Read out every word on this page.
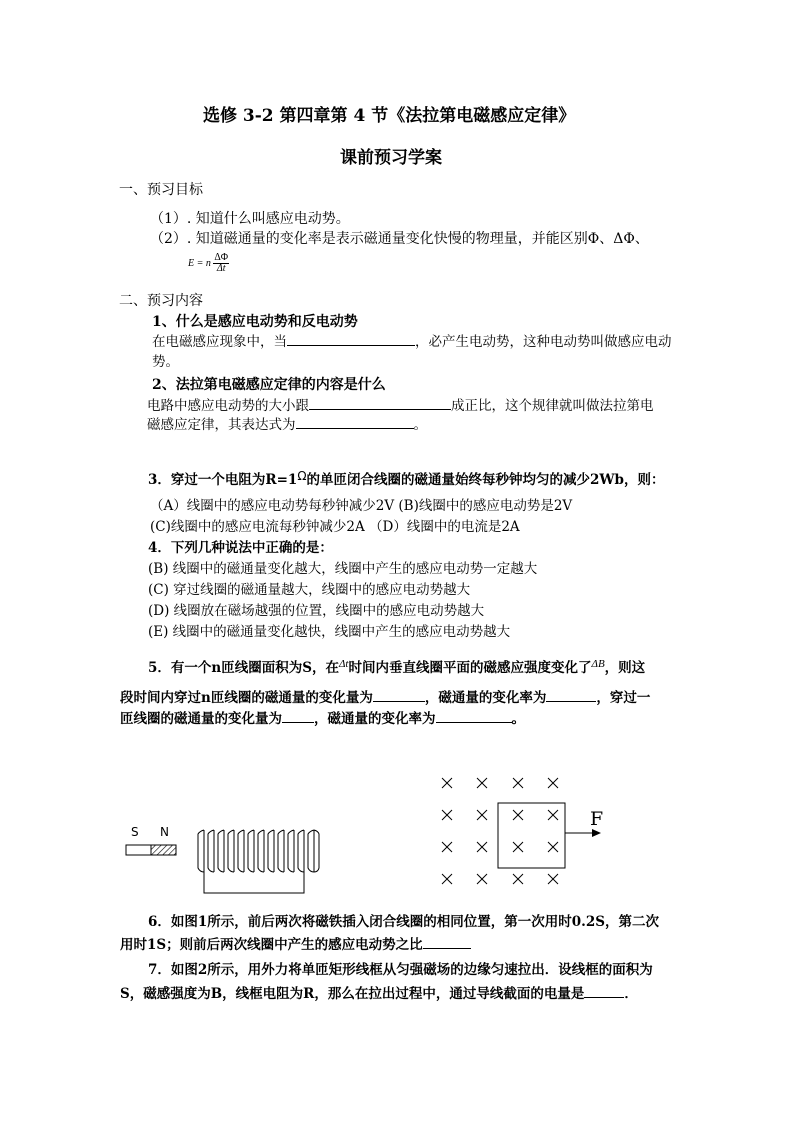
选修 3-2 第四章第 4 节《法拉第电磁感应定律》
课前预习学案
一、预习目标
（1）. 知道什么叫感应电动势。
（2）. 知道磁通量的变化率是表示磁通量变化快慢的物理量，并能区别Φ、ΔΦ、
E = n $\frac{\Delta\Phi}{\Delta t}$
二、预习内容
1、什么是感应电动势和反电动势
在电磁感应现象中，当	，必产生电动势，这种电动势叫做感应电动
势。
2、法拉第电磁感应定律的内容是什么
电路中感应电动势的大小跟	成正比，这个规律就叫做法拉第电
磁感应定律，其表达式为	。
3．穿过一个电阻为R=1Ω的单匝闭合线圈的磁通量始终每秒钟均匀的减少2Wb，则：
（A）线圈中的感应电动势每秒钟减少2V (B)线圈中的感应电动势是2V
(C)线圈中的感应电流每秒钟减少2A （D）线圈中的电流是2A
4．下列几种说法中正确的是：
(B) 线圈中的磁通量变化越大，线圈中产生的感应电动势一定越大
(C) 穿过线圈的磁通量越大，线圈中的感应电动势越大
(D) 线圈放在磁场越强的位置，线圈中的感应电动势越大
(E) 线圈中的磁通量变化越快，线圈中产生的感应电动势越大
5．有一个n匝线圈面积为S，在$^{\Delta t}$时间内垂直线圈平面的磁感应强度变化了$^{\Delta B}$，则这
段时间内穿过n匝线圈的磁通量的变化量为	，磁通量的变化率为	，穿过一
匝线圈的磁通量的变化量为 ，磁通量的变化率为	。
S N
F
6．如图1所示，前后两次将磁铁插入闭合线圈的相同位置，第一次用时0.2S，第二次
用时1S；则前后两次线圈中产生的感应电动势之比
7．如图2所示，用外力将单匝矩形线框从匀强磁场的边缘匀速拉出．设线框的面积为
S，磁感强度为B，线框电阻为R，那么在拉出过程中，通过导线截面的电量是	．
